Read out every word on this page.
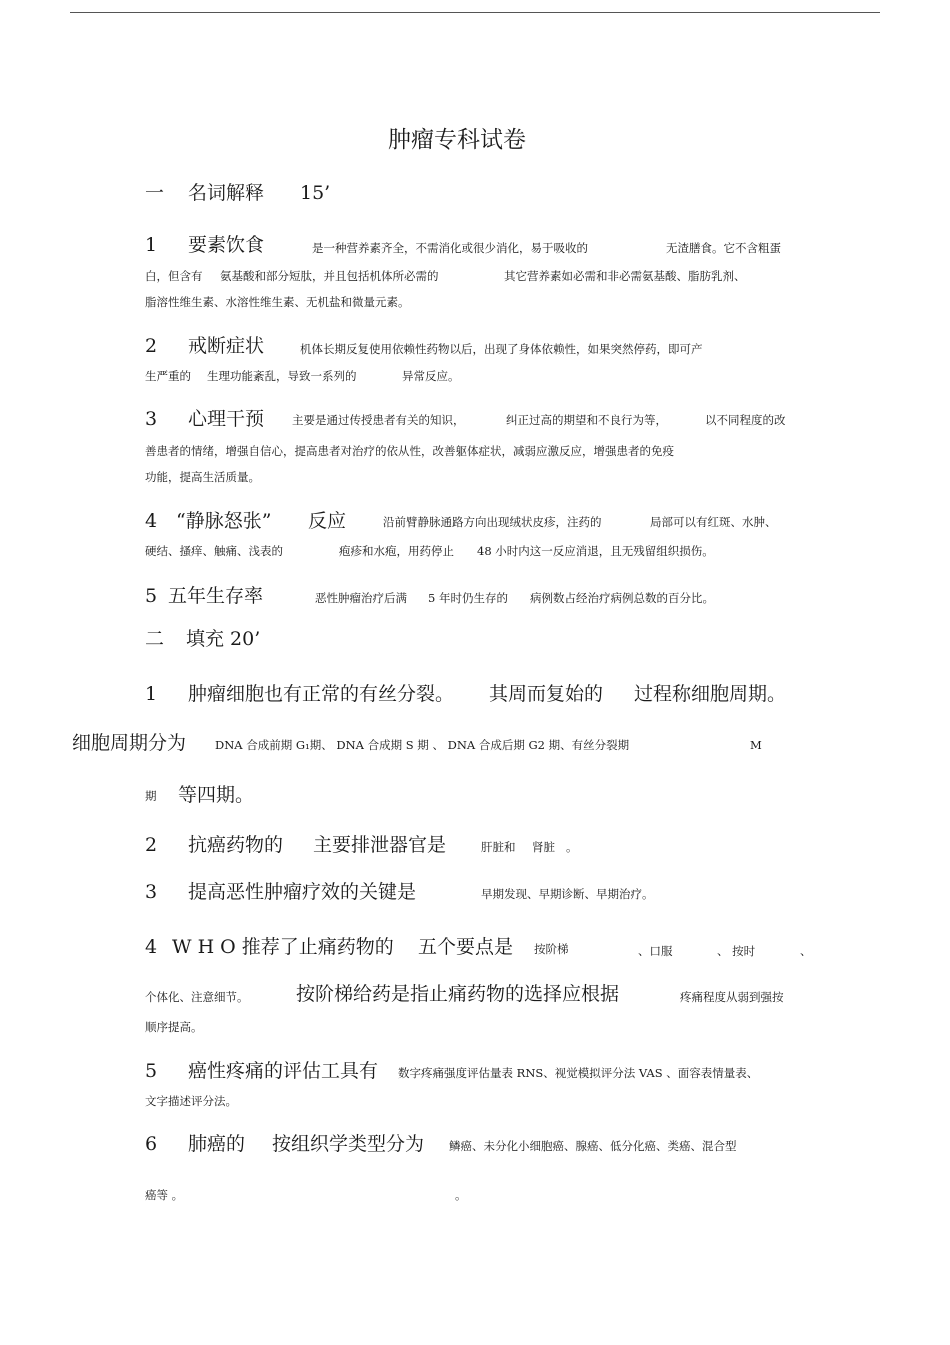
肿瘤专科试卷
一 名词解释 15’
1 要素饮食	是一种营养素齐全，不需消化或很少消化，易于吸收的	无渣膳食。它不含粗蛋
白，但含有 氨基酸和部分短肽，并且包括机体所必需的	其它营养素如必需和非必需氨基酸、脂肪乳剂、
脂溶性维生素、水溶性维生素、无机盐和微量元素。
2 戒断症状	机体长期反复使用依赖性药物以后，出现了身体依赖性，如果突然停药，即可产
生严重的 生理功能紊乱，导致一系列的	异常反应。
3 心理干预 主要是通过传授患者有关的知识，	纠正过高的期望和不良行为等，	以不同程度的改
善患者的情绪，增强自信心，提高患者对治疗的依从性，改善躯体症状，减弱应激反应，增强患者的免疫
功能，提高生活质量。
4 “静脉怒张” 反应	沿前臂静脉通路方向出现绒状皮疹，注药的	局部可以有红斑、水肿、
硬结、搔痒、触痛、浅表的	疱疹和水疱，用药停止 48 小时内这一反应消退，且无残留组织损伤。
5 五年生存率	恶性肿瘤治疗后满 5 年时仍生存的 病例数占经治疗病例总数的百分比。
二 填充 20’
1 肿瘤细胞也有正常的有丝分裂。 其周而复始的 过程称细胞周期。
细胞周期分为	DNA 合成前期 G₁期、 DNA 合成期 S 期 、 DNA 合成后期 G2 期、有丝分裂期	M
期 等四期。
2 抗癌药物的 主要排泄器官是	肝脏和 肾脏 。
3 提高恶性肿瘤疗效的关键是	早期发现、早期诊断、早期治疗。
4 W H O 推荐了止痛药物的 五个要点是 按阶梯	、口服	、 按时	、
个体化、注意细节。	按阶梯给药是指止痛药物的选择应根据	疼痛程度从弱到强按
顺序提高。
5 癌性疼痛的评估工具有 数字疼痛强度评估量表 RNS、视觉模拟评分法 VAS 、面容表情量表、
文字描述评分法。
6 肺癌的 按组织学类型分为 鳞癌、未分化小细胞癌、腺癌、低分化癌、类癌、混合型
癌等 。	。
